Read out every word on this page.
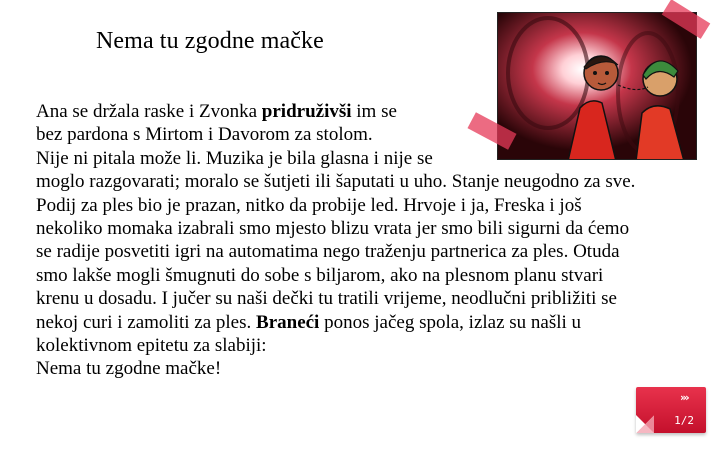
Nema tu zgodne mačke
Ana se držala raske i Zvonka pridruživši im se
bez pardona s Mirtom i Davorom za stolom.
Nije ni pitala može li. Muzika je bila glasna i nije se
moglo razgovarati; moralo se šutjeti ili šaputati u uho. Stanje neugodno za sve.
Podij za ples bio je prazan, nitko da probije led. Hrvoje i ja, Freska i još
nekoliko momaka izabrali smo mjesto blizu vrata jer smo bili sigurni da ćemo
se radije posvetiti igri na automatima nego traženju partnerica za ples. Otuda
smo lakše mogli šmugnuti do sobe s biljarom, ako na plesnom planu stvari
krenu u dosadu. I jučer su naši dečki tu tratili vrijeme, neodlučni približiti se
nekoj curi i zamoliti za ples. Braneći ponos jačeg spola, izlaz su našli u
kolektivnom epitetu za slabiji:
Nema tu zgodne mačke!
›››
1/2
